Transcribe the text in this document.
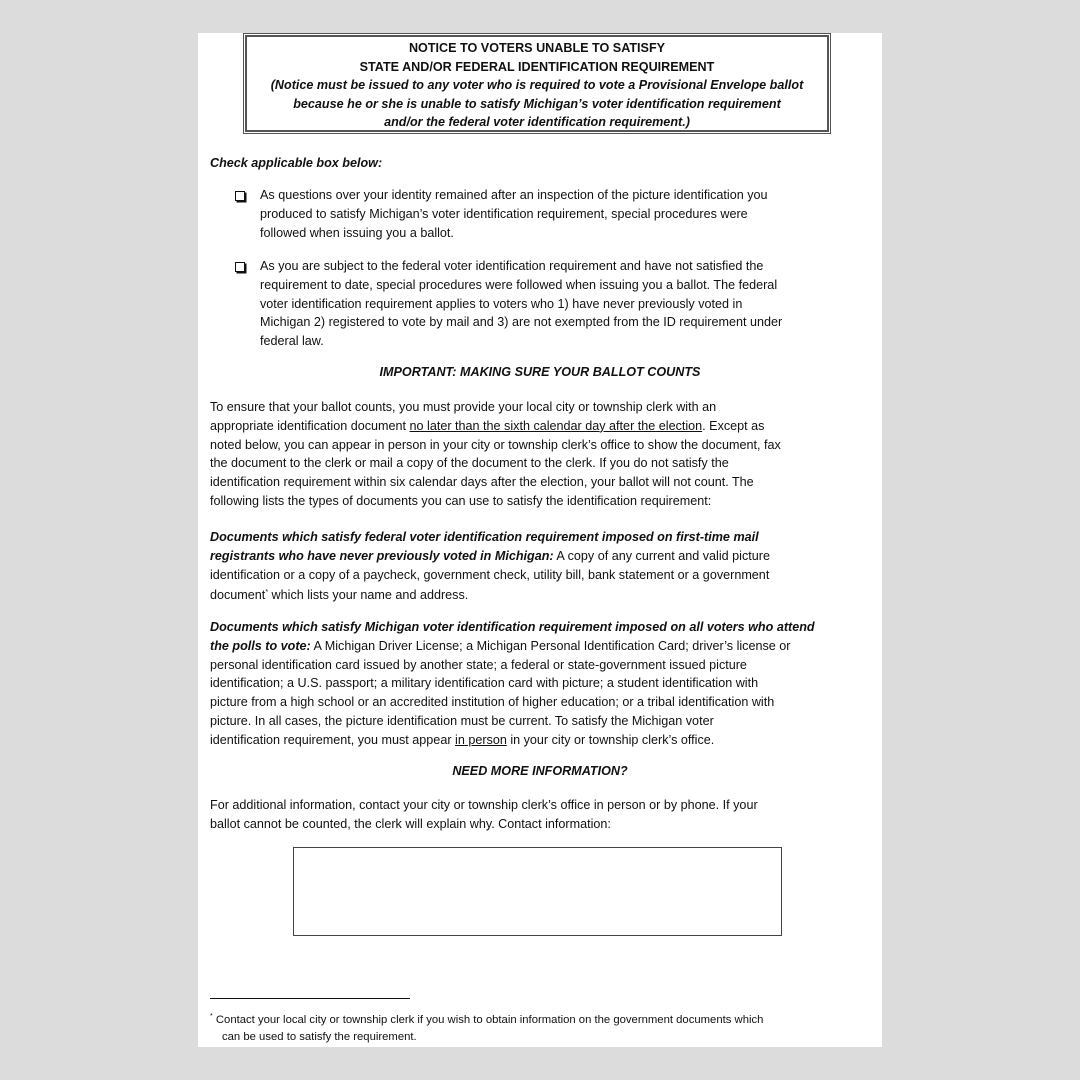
NOTICE TO VOTERS UNABLE TO SATISFY
STATE AND/OR FEDERAL IDENTIFICATION REQUIREMENT
(Notice must be issued to any voter who is required to vote a Provisional Envelope ballot
because he or she is unable to satisfy Michigan’s voter identification requirement
and/or the federal voter identification requirement.)
Check applicable box below:
As questions over your identity remained after an inspection of the picture identification you
produced to satisfy Michigan’s voter identification requirement, special procedures were
followed when issuing you a ballot.
As you are subject to the federal voter identification requirement and have not satisfied the
requirement to date, special procedures were followed when issuing you a ballot. The federal
voter identification requirement applies to voters who 1) have never previously voted in
Michigan 2) registered to vote by mail and 3) are not exempted from the ID requirement under
federal law.
IMPORTANT: MAKING SURE YOUR BALLOT COUNTS
To ensure that your ballot counts, you must provide your local city or township clerk with an
appropriate identification document no later than the sixth calendar day after the election. Except as
noted below, you can appear in person in your city or township clerk’s office to show the document, fax
the document to the clerk or mail a copy of the document to the clerk. If you do not satisfy the
identification requirement within six calendar days after the election, your ballot will not count. The
following lists the types of documents you can use to satisfy the identification requirement:
Documents which satisfy federal voter identification requirement imposed on first-time mail
registrants who have never previously voted in Michigan: A copy of any current and valid picture
identification or a copy of a paycheck, government check, utility bill, bank statement or a government
document* which lists your name and address.
Documents which satisfy Michigan voter identification requirement imposed on all voters who attend
the polls to vote: A Michigan Driver License; a Michigan Personal Identification Card; driver’s license or
personal identification card issued by another state; a federal or state-government issued picture
identification; a U.S. passport; a military identification card with picture; a student identification with
picture from a high school or an accredited institution of higher education; or a tribal identification with
picture. In all cases, the picture identification must be current. To satisfy the Michigan voter
identification requirement, you must appear in person in your city or township clerk’s office.
NEED MORE INFORMATION?
For additional information, contact your city or township clerk’s office in person or by phone. If your
ballot cannot be counted, the clerk will explain why. Contact information:
* Contact your local city or township clerk if you wish to obtain information on the government documents which
can be used to satisfy the requirement.
